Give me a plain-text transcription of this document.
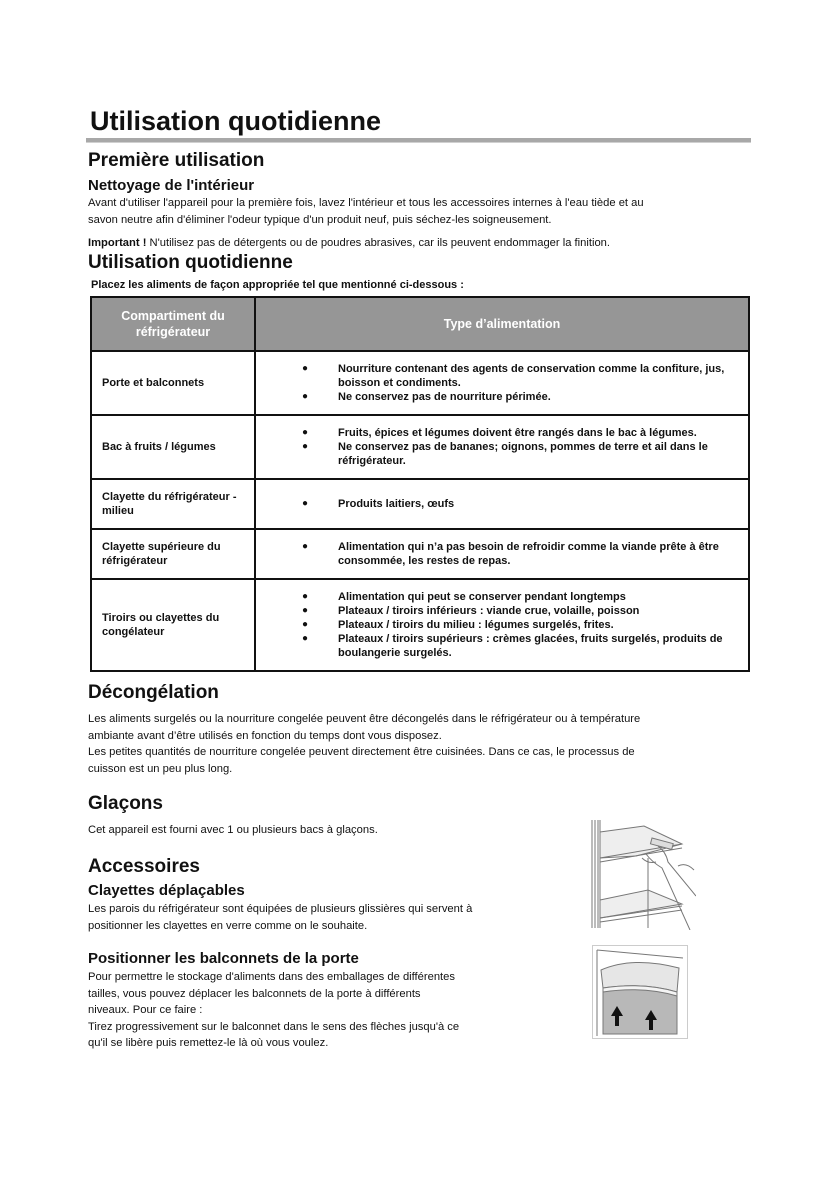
Utilisation quotidienne
Première utilisation
Nettoyage de l'intérieur

Avant d'utiliser l'appareil pour la première fois, lavez l'intérieur et tous les accessoires internes à l'eau tiède et au

savon neutre afin d'éliminer l'odeur typique d'un produit neuf, puis séchez-les soigneusement.

Important ! N'utilisez pas de détergents ou de poudres abrasives, car ils peuvent endommager la finition.

Utilisation quotidienne
Placez les aliments de façon appropriée tel que mentionné ci-dessous :
Compartiment du réfrigérateur	Type d’alimentation
Porte et balconnets	
●	Nourriture contenant des agents de conservation comme la confiture, jus, boisson et condiments.
●	Ne conservez pas de nourriture périmée.

Bac à fruits / légumes	
●	Fruits, épices et légumes doivent être rangés dans le bac à légumes.
●	Ne conservez pas de bananes; oignons, pommes de terre et ail dans le réfrigérateur.

Clayette du réfrigérateur - milieu	
●	Produits laitiers, œufs

Clayette supérieure du réfrigérateur	
●	Alimentation qui n’a pas besoin de refroidir comme la viande prête à être consommée, les restes de repas.

Tiroirs ou clayettes du congélateur	
●	Alimentation qui peut se conserver pendant longtemps
●	Plateaux / tiroirs inférieurs : viande crue, volaille, poisson
●	Plateaux / tiroirs du milieu : légumes surgelés, frites.
●	Plateaux / tiroirs supérieurs : crèmes glacées, fruits surgelés, produits de boulangerie surgelés.
Décongélation

Les aliments surgelés ou la nourriture congelée peuvent être décongelés dans le réfrigérateur ou à température

ambiante avant d’être utilisés en fonction du temps dont vous disposez.

Les petites quantités de nourriture congelée peuvent directement être cuisinées. Dans ce cas, le processus de

cuisson est un peu plus long.

Glaçons

Cet appareil est fourni avec 1 ou plusieurs bacs à glaçons.

Accessoires
Clayettes déplaçables

Les parois du réfrigérateur sont équipées de plusieurs glissières qui servent à

positionner les clayettes en verre comme on le souhaite.

Positionner les balconnets de la porte

Pour permettre le stockage d'aliments dans des emballages de différentes

tailles, vous pouvez déplacer les balconnets de la porte à différents

niveaux. Pour ce faire :

Tirez progressivement sur le balconnet dans le sens des flèches jusqu'à ce

qu'il se libère puis remettez-le là où vous voulez.
